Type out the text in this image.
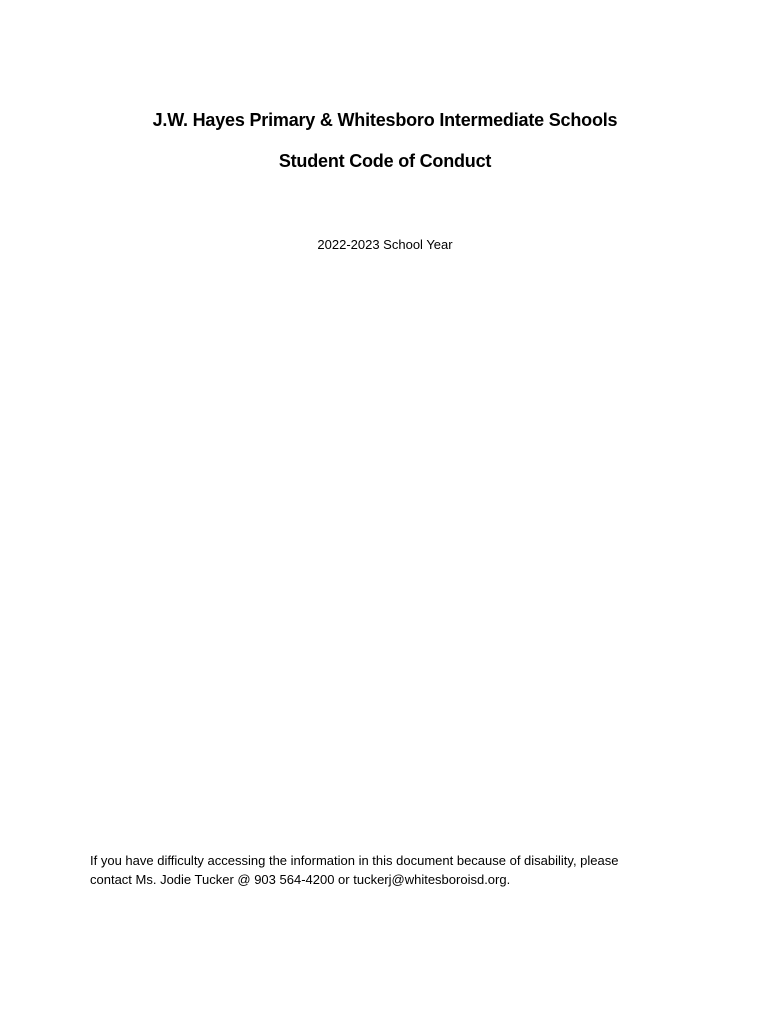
J.W. Hayes Primary & Whitesboro Intermediate Schools
Student Code of Conduct

2022-2023 School Year

If you have difficulty accessing the information in this document because of disability, please
contact Ms. Jodie Tucker @ 903 564-4200 or tuckerj@whitesboroisd.org.
